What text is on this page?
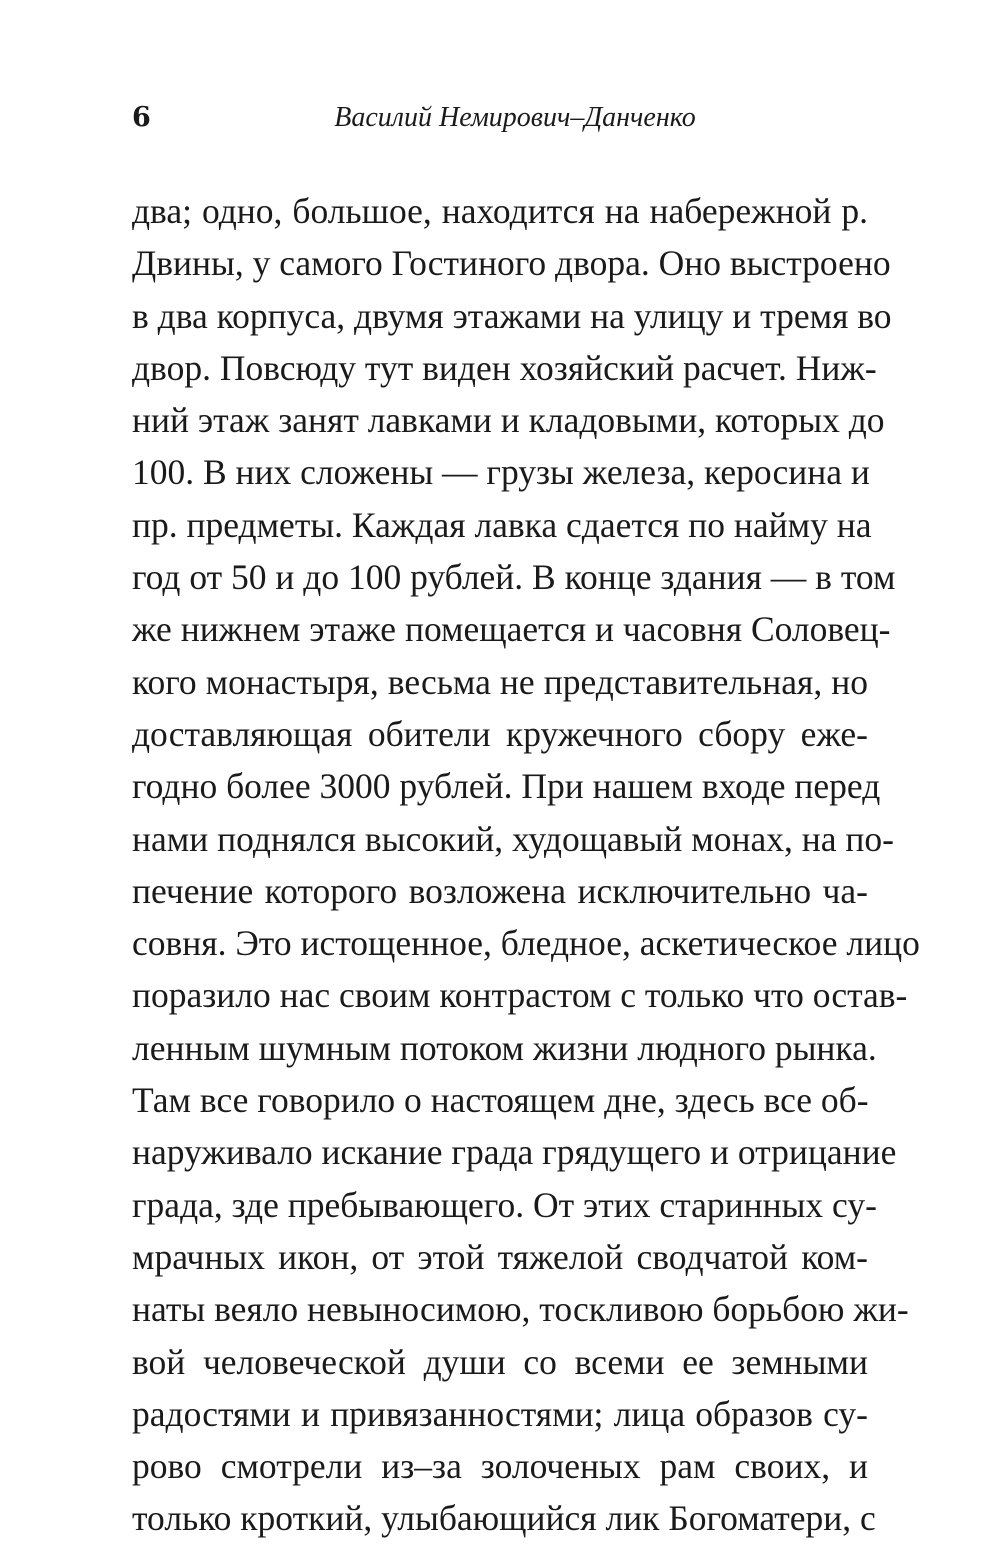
6	Василий Немирович–Данченко
два; одно, большое, находится на набережной р.
Двины, у самого Гостиного двора. Оно выстроено
в два корпуса, двумя этажами на улицу и тремя во
двор. Повсюду тут виден хозяйский расчет. Ниж-
ний этаж занят лавками и кладовыми, которых до
100. В них сложены — грузы железа, керосина и
пр. предметы. Каждая лавка сдается по найму на
год от 50 и до 100 рублей. В конце здания — в том
же нижнем этаже помещается и часовня Соловец-
кого монастыря, весьма не представительная, но
доставляющая обители кружечного сбору еже-
годно более 3000 рублей. При нашем входе перед
нами поднялся высокий, худощавый монах, на по-
печение которого возложена исключительно ча-
совня. Это истощенное, бледное, аскетическое лицо
поразило нас своим контрастом с только что остав-
ленным шумным потоком жизни людного рынка.
Там все говорило о настоящем дне, здесь все об-
наруживало искание града грядущего и отрицание
града, зде пребывающего. От этих старинных су-
мрачных икон, от этой тяжелой сводчатой ком-
наты веяло невыносимою, тоскливою борьбою жи-
вой человеческой души со всеми ее земными
радостями и привязанностями; лица образов су-
рово смотрели из–за золоченых рам своих, и
только кроткий, улыбающийся лик Богоматери, с
